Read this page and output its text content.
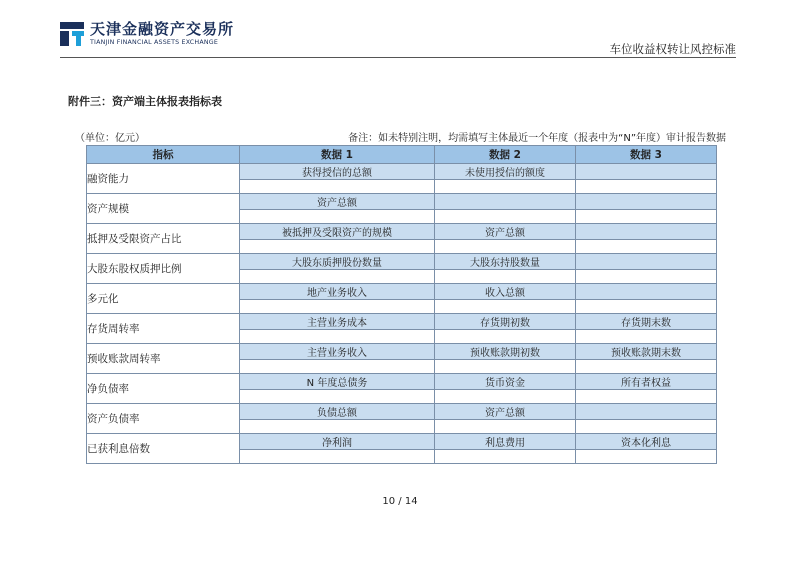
天津金融资产交易所
TIANJIN FINANCIAL ASSETS EXCHANGE	车位收益权转让风控标准
附件三：资产端主体报表指标表
（单位：亿元）	备注：如未特别注明，均需填写主体最近一个年度（报表中为“N”年度）审计报告数据
指标	数据 1	数据 2	数据 3
融资能力	获得授信的总额	未使用授信的额度	

资产规模	资产总额		

抵押及受限资产占比	被抵押及受限资产的规模	资产总额	

大股东股权质押比例	大股东质押股份数量	大股东持股数量	

多元化	地产业务收入	收入总额	

存货周转率	主营业务成本	存货期初数	存货期末数

预收账款周转率	主营业务收入	预收账款期初数	预收账款期末数

净负债率	N 年度总债务	货币资金	所有者权益

资产负债率	负债总额	资产总额	

已获利息倍数	净利润	利息费用	资本化利息

10 / 14
